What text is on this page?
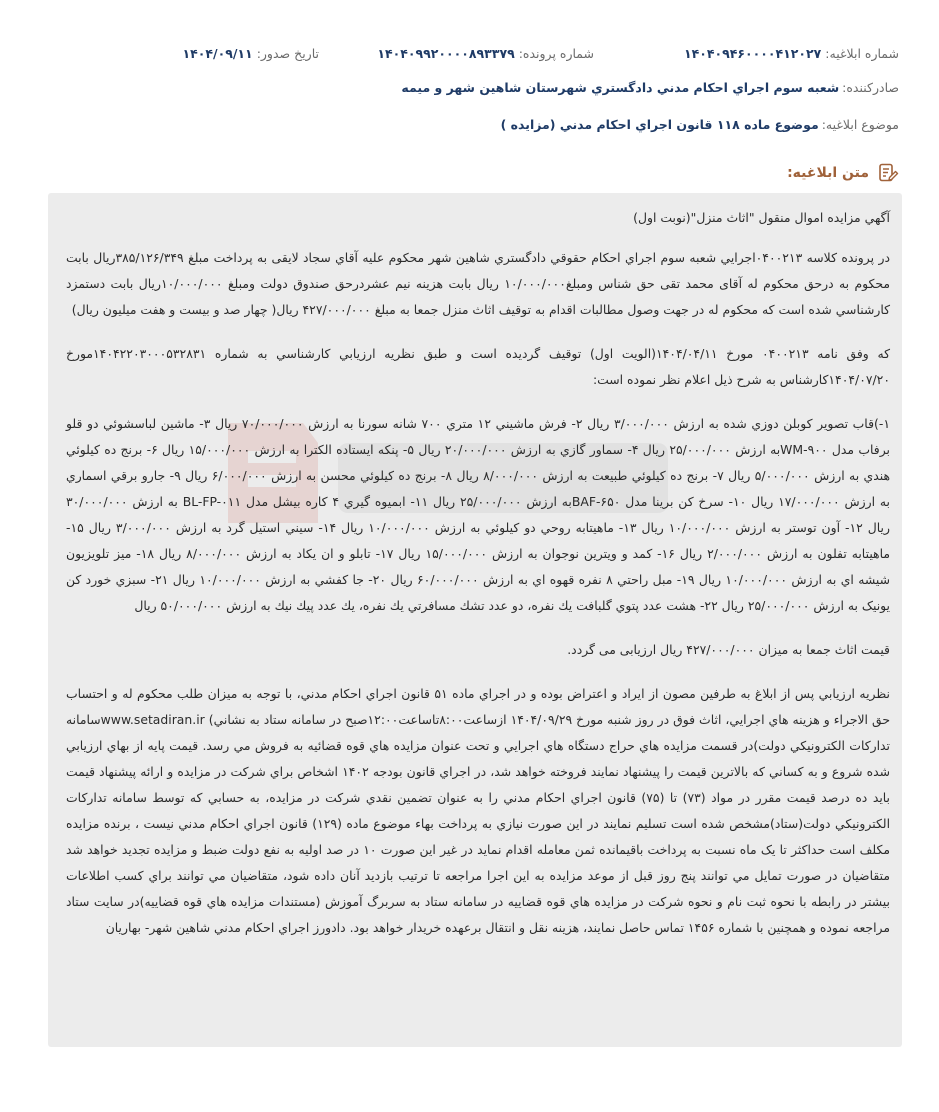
شماره ابلاغيه:۱۴۰۴۰۹۴۶۰۰۰۰۴۱۲۰۲۷
شماره پرونده:۱۴۰۴۰۹۹۲۰۰۰۰۸۹۳۳۷۹
تاريخ صدور:۱۴۰۴/۰۹/۱۱
صادرکننده:شعبه سوم اجراي احكام مدني دادگستري شهرستان شاهين شهر و ميمه
موضوع ابلاغيه:موضوع ماده ۱۱۸ قانون اجراي احکام مدني (مزايده )
متن ابلاغيه:

آگهي مزايده اموال منقول "اثاث منزل"(نوبت اول)

در پرونده کلاسه ۰۴۰۰۲۱۳اجرايي شعبه سوم اجراي احكام حقوقي دادگستري شاهين شهر محکوم عليه آقاي سجاد لايقی به پرداخت مبلغ ۳۸۵/۱۲۶/۳۴۹ريال بابت محکوم به درحق محکوم له آقای محمد تقی حق شناس ومبلغ۱۰/۰۰۰/۰۰۰ ريال بابت هزينه نيم عشردرحق صندوق دولت ومبلغ ۱۰/۰۰۰/۰۰۰ريال بابت دستمزد کارشناسي شده است که محکوم له در جهت وصول مطالبات اقدام به توقيف اثاث منزل جمعا به مبلغ ۴۲۷/۰۰۰/۰۰۰ ريال( چهار صد و بيست و هفت ميليون ريال)

که وفق نامه ۰۴۰۰۲۱۳ مورخ ۱۴۰۴/۰۴/۱۱(الويت اول) توقيف گرديده است و طبق نظريه ارزيابي کارشناسي به شماره ۱۴۰۴۲۲۰۳۰۰۰۵۳۲۸۳۱مورخ ۱۴۰۴/۰۷/۲۰کارشناس به شرح ذيل اعلام نظر نموده است:

۱-)قاب تصوير کوبلن دوزي شده به ارزش ۳/۰۰۰/۰۰۰ ريال ۲- فرش ماشيني ۱۲ متري ۷۰۰ شانه سورنا به ارزش ۷۰/۰۰۰/۰۰۰ ريال ۳- ماشين لباسشوئي دو قلو برفاب مدل WM-۹۰۰به ارزش ۲۵/۰۰۰/۰۰۰ ريال ۴- سماور گازي به ارزش ۲۰/۰۰۰/۰۰۰ ريال ۵- پنکه ايستاده الکترا به ارزش ۱۵/۰۰۰/۰۰۰ ريال ۶- برنج ده کيلوئي هندي به ارزش ۵/۰۰۰/۰۰۰ ريال ۷- برنج ده کيلوئي طبيعت به ارزش ۸/۰۰۰/۰۰۰ ريال ۸- برنج ده کيلوئي محسن به ارزش ۶/۰۰۰/۰۰۰ ريال ۹- جارو برقي اسماري به ارزش ۱۷/۰۰۰/۰۰۰ ريال ۱۰- سرخ کن برينا مدل BAF-۶۵۰به ارزش ۲۵/۰۰۰/۰۰۰ ريال ۱۱- ابميوه گيري ۴ کاره بيشل مدل BL-FP-۰۱۱ به ارزش ۳۰/۰۰۰/۰۰۰ ريال ۱۲- آون توستر به ارزش ۱۰/۰۰۰/۰۰۰ ريال ۱۳- ماهيتابه روحي دو کيلوئي به ارزش ۱۰/۰۰۰/۰۰۰ ريال ۱۴- سيني استيل گرد به ارزش ۳/۰۰۰/۰۰۰ ريال ۱۵- ماهيتابه تفلون به ارزش ۲/۰۰۰/۰۰۰ ريال ۱۶- کمد و ويترين نوجوان به ارزش ۱۵/۰۰۰/۰۰۰ ريال ۱۷- تابلو و ان يکاد به ارزش ۸/۰۰۰/۰۰۰ ريال ۱۸- ميز تلويزيون شيشه اي به ارزش ۱۰/۰۰۰/۰۰۰ ريال ۱۹- مبل راحتي ۸ نفره قهوه اي به ارزش ۶۰/۰۰۰/۰۰۰ ريال ۲۰- جا کفشي به ارزش ۱۰/۰۰۰/۰۰۰ ريال ۲۱- سبزي خورد کن يونيک به ارزش ۲۵/۰۰۰/۰۰۰ ريال ۲۲- هشت عدد پتوي گلبافت يك نفره، دو عدد تشك مسافرتي يك نفره، يك عدد پيك نيك به ارزش ۵۰/۰۰۰/۰۰۰ ريال

قيمت اثاث جمعا به ميزان ۴۲۷/۰۰۰/۰۰۰ ريال ارزيابی می گردد.

نظريه ارزيابي پس از ابلاغ به طرفين مصون از ايراد و اعتراض بوده و در اجراي ماده ۵۱ قانون اجراي احکام مدني، با توجه به ميزان طلب محکوم له و احتساب حق الاجراء و هزينه هاي اجرايي، اثاث فوق در روز شنبه مورخ ۱۴۰۴/۰۹/۲۹ ازساعت۸:۰۰تاساعت۱۲:۰۰صبح در سامانه ستاد به نشاني) www.setadiran.irسامانه تدارکات الکترونيکي دولت)در قسمت مزايده هاي حراج دستگاه هاي اجرايي و تحت عنوان مزايده هاي قوه قضائيه به فروش مي رسد. قيمت پايه از بهاي ارزيابي شده شروع و به کساني که بالاترين قيمت را پيشنهاد نمايند فروخته خواهد شد، در اجراي قانون بودجه ۱۴۰۲ اشخاص براي شرکت در مزايده و ارائه پيشنهاد قيمت بايد ده درصد قيمت مقرر در مواد (۷۳) تا (۷۵) قانون اجراي احکام مدني را به عنوان تضمين نقدي شرکت در مزايده، به حسابي که توسط سامانه تدارکات الکترونيکي دولت(ستاد)مشخص شده است تسليم نمايند در اين صورت نيازي به پرداخت بهاء موضوع ماده (۱۲۹) قانون اجراي احکام مدني نيست ، برنده مزايده مکلف است حداکثر تا يک ماه نسبت به پرداخت باقيمانده ثمن معامله اقدام نمايد در غير اين صورت ۱۰ در صد اوليه به نفع دولت ضبط و مزايده تجديد خواهد شد متقاضيان در صورت تمايل مي توانند پنج روز قبل از موعد مزايده به اين اجرا مراجعه تا ترتيب بازديد آنان داده شود، متقاضيان مي توانند براي کسب اطلاعات بيشتر در رابطه با نحوه ثبت نام و نحوه شرکت در مزايده هاي قوه قضاييه در سامانه ستاد به سربرگ آموزش (مستندات مزايده هاي قوه قضاييه)در سايت ستاد مراجعه نموده و همچنين با شماره ۱۴۵۶ تماس حاصل نمايند، هزينه نقل و انتقال برعهده خريدار خواهد بود. دادورز اجراي احکام مدني شاهين شهر- بهاريان
